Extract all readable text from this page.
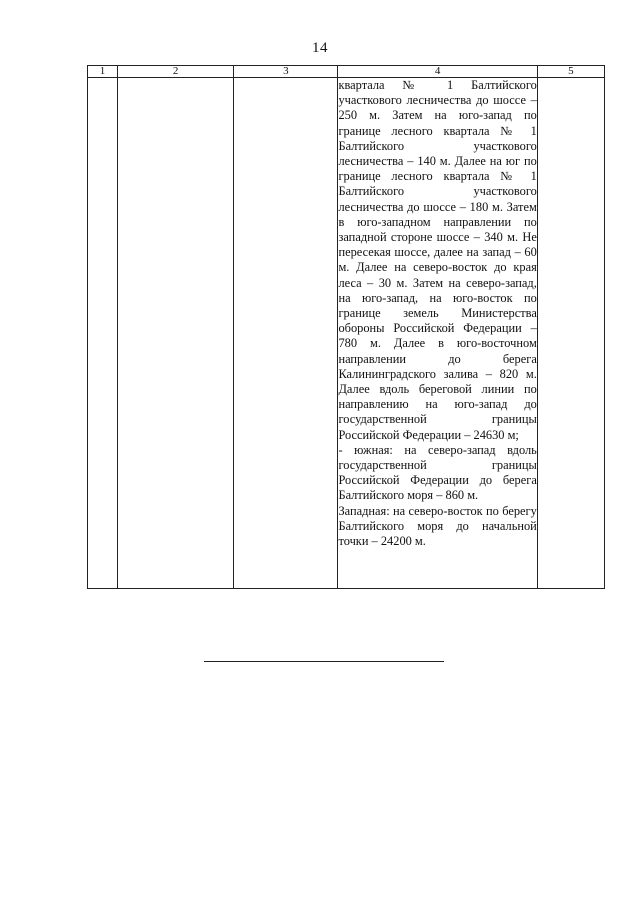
14
1	2	3	4	5

			квартала № 1 Балтийского участкового лесничества до шоссе – 250 м. Затем на юго-запад по границе лесного квартала № 1 Балтийского участкового лесничества – 140 м. Далее на юг по границе лесного квартала № 1 Балтийского участкового лесничества до шоссе – 180 м. Затем в юго-западном направлении по западной стороне шоссе – 340 м. Не пересекая шоссе, далее на запад – 60 м. Далее на северо-восток до края леса – 30 м. Затем на северо-запад, на юго-запад, на юго-восток по границе земель Министерства обороны Российской Федерации – 780 м. Далее в юго-восточном направлении до берега Калининградского залива – 820 м. Далее вдоль береговой линии по направлению на юго-запад до государственной границы Российской Федерации – 24630 м;

- южная: на северо-запад вдоль государственной границы Российской Федерации до берега Балтийского моря – 860 м.

Западная: на северо-восток по берегу Балтийского моря до начальной точки – 24200 м.	
